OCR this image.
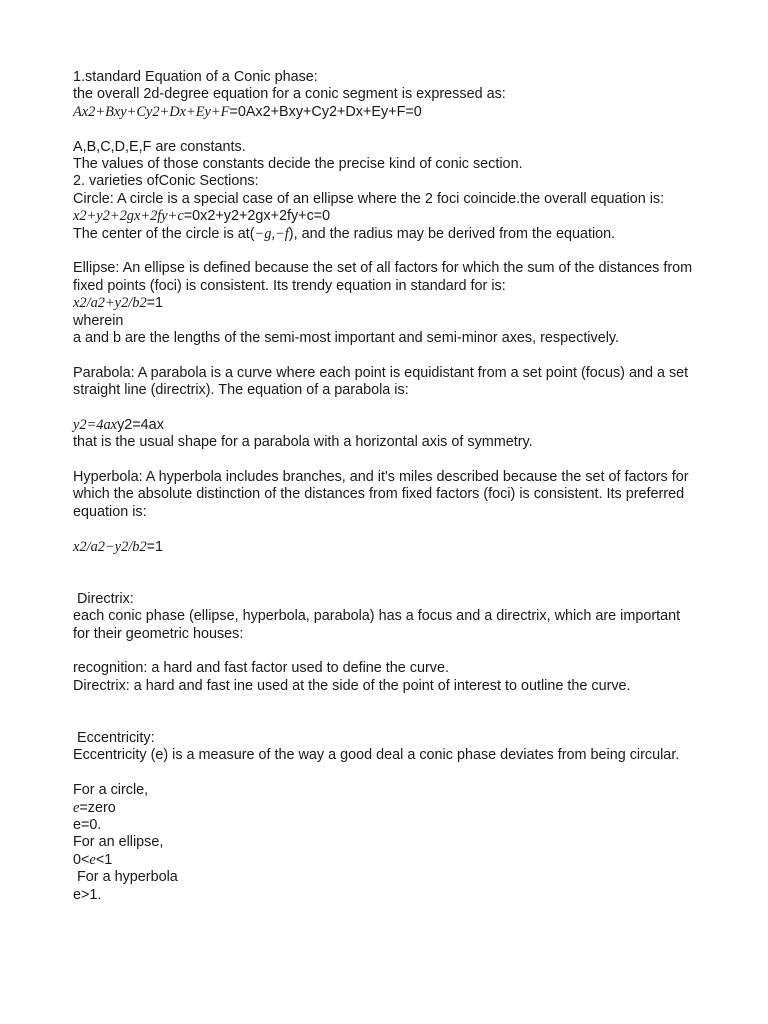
1.standard Equation of a Conic phase:
the overall 2d-degree equation for a conic segment is expressed as:
Ax2+Bxy+Cy2+Dx+Ey+F=0Ax2+Bxy+Cy2+Dx+Ey+F=0
A,B,C,D,E,F are constants.
The values of those constants decide the precise kind of conic section.
2. varieties ofConic Sections:
Circle: A circle is a special case of an ellipse where the 2 foci coincide.the overall equation is:
x2+y2+2gx+2fy+c=0x2+y2+2gx+2fy+c=0
The center of the circle is at(−g,−f), and the radius may be derived from the equation.
Ellipse: An ellipse is defined because the set of all factors for which the sum of the distances from fixed points (foci) is consistent. Its trendy equation in standard for is:
x2/a2+y2/b2=1
wherein
a and b are the lengths of the semi-most important and semi-minor axes, respectively.
Parabola: A parabola is a curve where each point is equidistant from a set point (focus) and a set straight line (directrix). The equation of a parabola is:
y2=4axy2=4ax
that is the usual shape for a parabola with a horizontal axis of symmetry.
Hyperbola: A hyperbola includes branches, and it's miles described because the set of factors for which the absolute distinction of the distances from fixed factors (foci) is consistent. Its preferred equation is:
x2/a2−y2/b2=1
Directrix:
each conic phase (ellipse, hyperbola, parabola) has a focus and a directrix, which are important for their geometric houses:
recognition: a hard and fast factor used to define the curve.
Directrix: a hard and fast ine used at the side of the point of interest to outline the curve.
Eccentricity:
Eccentricity (e) is a measure of the way a good deal a conic phase deviates from being circular.
For a circle,
e=zero
e=0.
For an ellipse,
0<e<1
For a hyperbola
e>1.
